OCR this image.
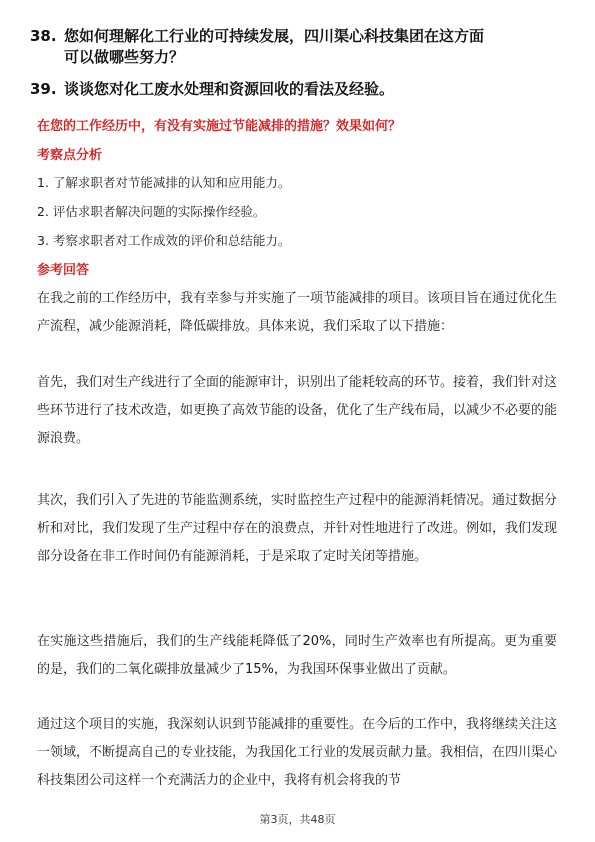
38. 您如何理解化工行业的可持续发展，四川渠心科技集团在这方面
可以做哪些努力？
39. 谈谈您对化工废水处理和资源回收的看法及经验。
在您的工作经历中，有没有实施过节能减排的措施？效果如何？
考察点分析
1. 了解求职者对节能减排的认知和应用能力。
2. 评估求职者解决问题的实际操作经验。
3. 考察求职者对工作成效的评价和总结能力。
参考回答
在我之前的工作经历中，我有幸参与并实施了一项节能减排的项目。该项目旨在通过优化生产流程，减少能源消耗，降低碳排放。具体来说，我们采取了以下措施：
首先，我们对生产线进行了全面的能源审计，识别出了能耗较高的环节。接着，我们针对这些环节进行了技术改造，如更换了高效节能的设备，优化了生产线布局，以减少不必要的能源浪费。
其次，我们引入了先进的节能监测系统，实时监控生产过程中的能源消耗情况。通过数据分析和对比，我们发现了生产过程中存在的浪费点，并针对性地进行了改进。例如，我们发现部分设备在非工作时间仍有能源消耗，于是采取了定时关闭等措施。
在实施这些措施后，我们的生产线能耗降低了20%，同时生产效率也有所提高。更为重要的是，我们的二氧化碳排放量减少了15%，为我国环保事业做出了贡献。
通过这个项目的实施，我深刻认识到节能减排的重要性。在今后的工作中，我将继续关注这一领域，不断提高自己的专业技能，为我国化工行业的发展贡献力量。我相信，在四川渠心科技集团公司这样一个充满活力的企业中，我将有机会将我的节
第3页，共48页
